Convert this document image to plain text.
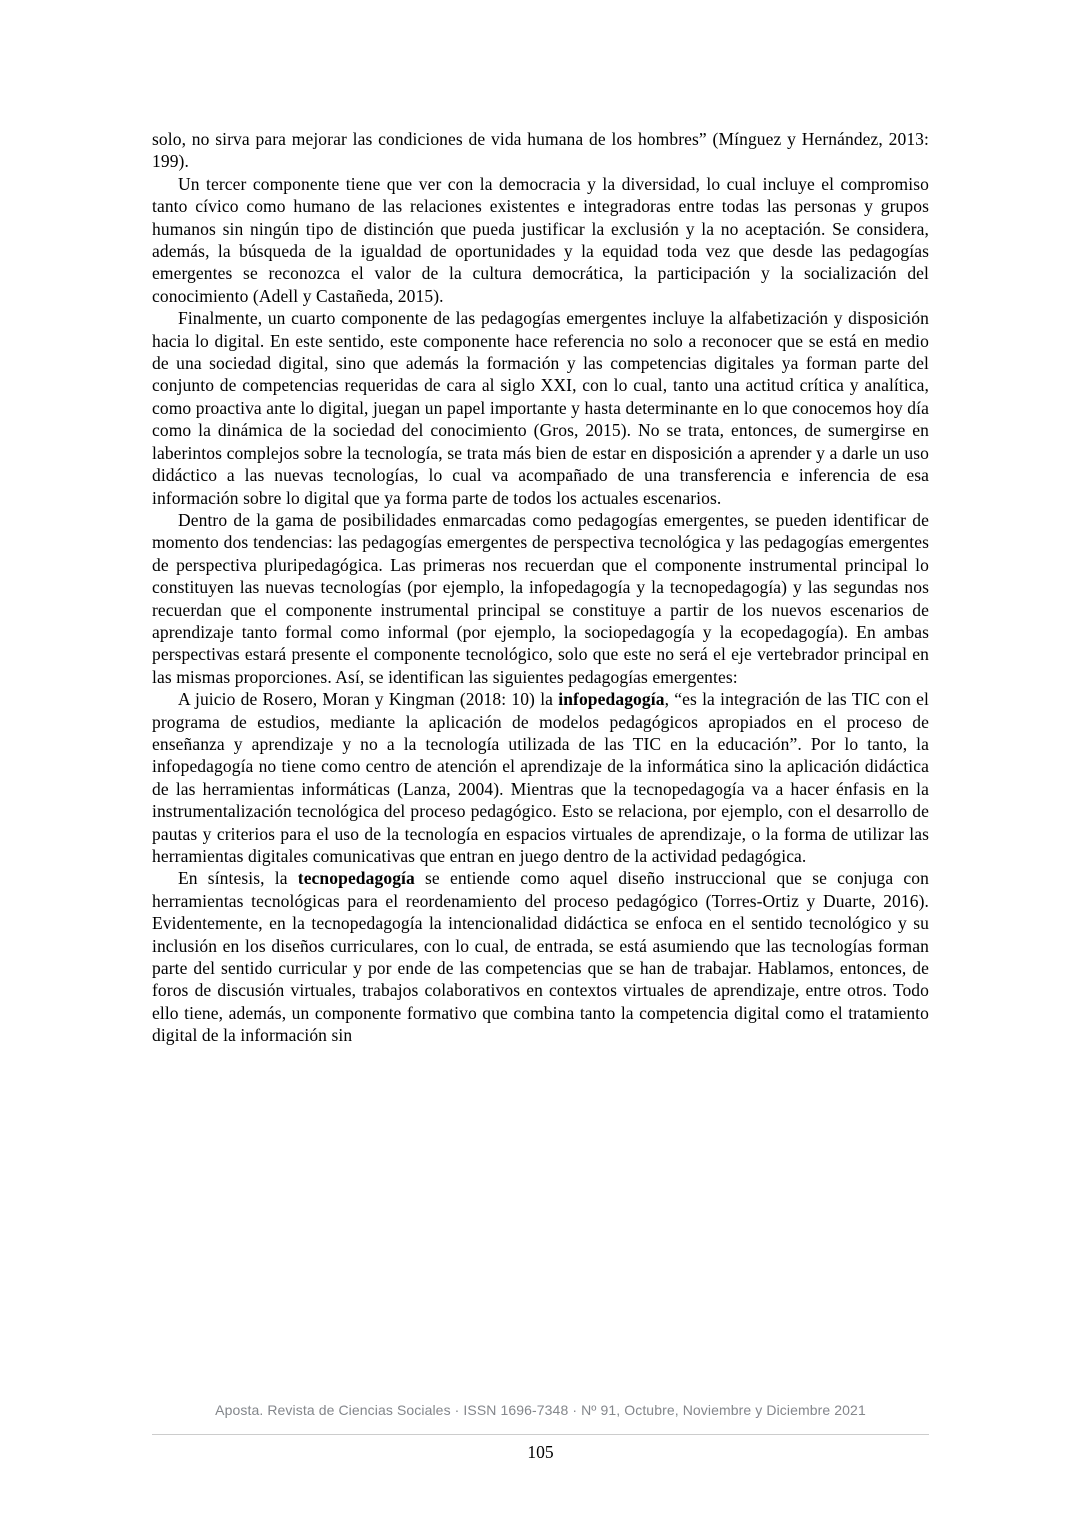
solo, no sirva para mejorar las condiciones de vida humana de los hombres” (Mínguez y Hernández, 2013: 199).

Un tercer componente tiene que ver con la democracia y la diversidad, lo cual incluye el compromiso tanto cívico como humano de las relaciones existentes e integradoras entre todas las personas y grupos humanos sin ningún tipo de distinción que pueda justificar la exclusión y la no aceptación. Se considera, además, la búsqueda de la igualdad de oportunidades y la equidad toda vez que desde las pedagogías emergentes se reconozca el valor de la cultura democrática, la participación y la socialización del conocimiento (Adell y Castañeda, 2015).

Finalmente, un cuarto componente de las pedagogías emergentes incluye la alfabetización y disposición hacia lo digital. En este sentido, este componente hace referencia no solo a reconocer que se está en medio de una sociedad digital, sino que además la formación y las competencias digitales ya forman parte del conjunto de competencias requeridas de cara al siglo XXI, con lo cual, tanto una actitud crítica y analítica, como proactiva ante lo digital, juegan un papel importante y hasta determinante en lo que conocemos hoy día como la dinámica de la sociedad del conocimiento (Gros, 2015). No se trata, entonces, de sumergirse en laberintos complejos sobre la tecnología, se trata más bien de estar en disposición a aprender y a darle un uso didáctico a las nuevas tecnologías, lo cual va acompañado de una transferencia e inferencia de esa información sobre lo digital que ya forma parte de todos los actuales escenarios.

Dentro de la gama de posibilidades enmarcadas como pedagogías emergentes, se pueden identificar de momento dos tendencias: las pedagogías emergentes de perspectiva tecnológica y las pedagogías emergentes de perspectiva pluripedagógica. Las primeras nos recuerdan que el componente instrumental principal lo constituyen las nuevas tecnologías (por ejemplo, la infopedagogía y la tecnopedagogía) y las segundas nos recuerdan que el componente instrumental principal se constituye a partir de los nuevos escenarios de aprendizaje tanto formal como informal (por ejemplo, la sociopedagogía y la ecopedagogía). En ambas perspectivas estará presente el componente tecnológico, solo que este no será el eje vertebrador principal en las mismas proporciones. Así, se identifican las siguientes pedagogías emergentes:

A juicio de Rosero, Moran y Kingman (2018: 10) la infopedagogía, “es la integración de las TIC con el programa de estudios, mediante la aplicación de modelos pedagógicos apropiados en el proceso de enseñanza y aprendizaje y no a la tecnología utilizada de las TIC en la educación”. Por lo tanto, la infopedagogía no tiene como centro de atención el aprendizaje de la informática sino la aplicación didáctica de las herramientas informáticas (Lanza, 2004). Mientras que la tecnopedagogía va a hacer énfasis en la instrumentalización tecnológica del proceso pedagógico. Esto se relaciona, por ejemplo, con el desarrollo de pautas y criterios para el uso de la tecnología en espacios virtuales de aprendizaje, o la forma de utilizar las herramientas digitales comunicativas que entran en juego dentro de la actividad pedagógica.

En síntesis, la tecnopedagogía se entiende como aquel diseño instruccional que se conjuga con herramientas tecnológicas para el reordenamiento del proceso pedagógico (Torres-Ortiz y Duarte, 2016). Evidentemente, en la tecnopedagogía la intencionalidad didáctica se enfoca en el sentido tecnológico y su inclusión en los diseños curriculares, con lo cual, de entrada, se está asumiendo que las tecnologías forman parte del sentido curricular y por ende de las competencias que se han de trabajar. Hablamos, entonces, de foros de discusión virtuales, trabajos colaborativos en contextos virtuales de aprendizaje, entre otros. Todo ello tiene, además, un componente formativo que combina tanto la competencia digital como el tratamiento digital de la información sin

Aposta. Revista de Ciencias Sociales · ISSN 1696-7348 · Nº 91, Octubre, Noviembre y Diciembre 2021
105
